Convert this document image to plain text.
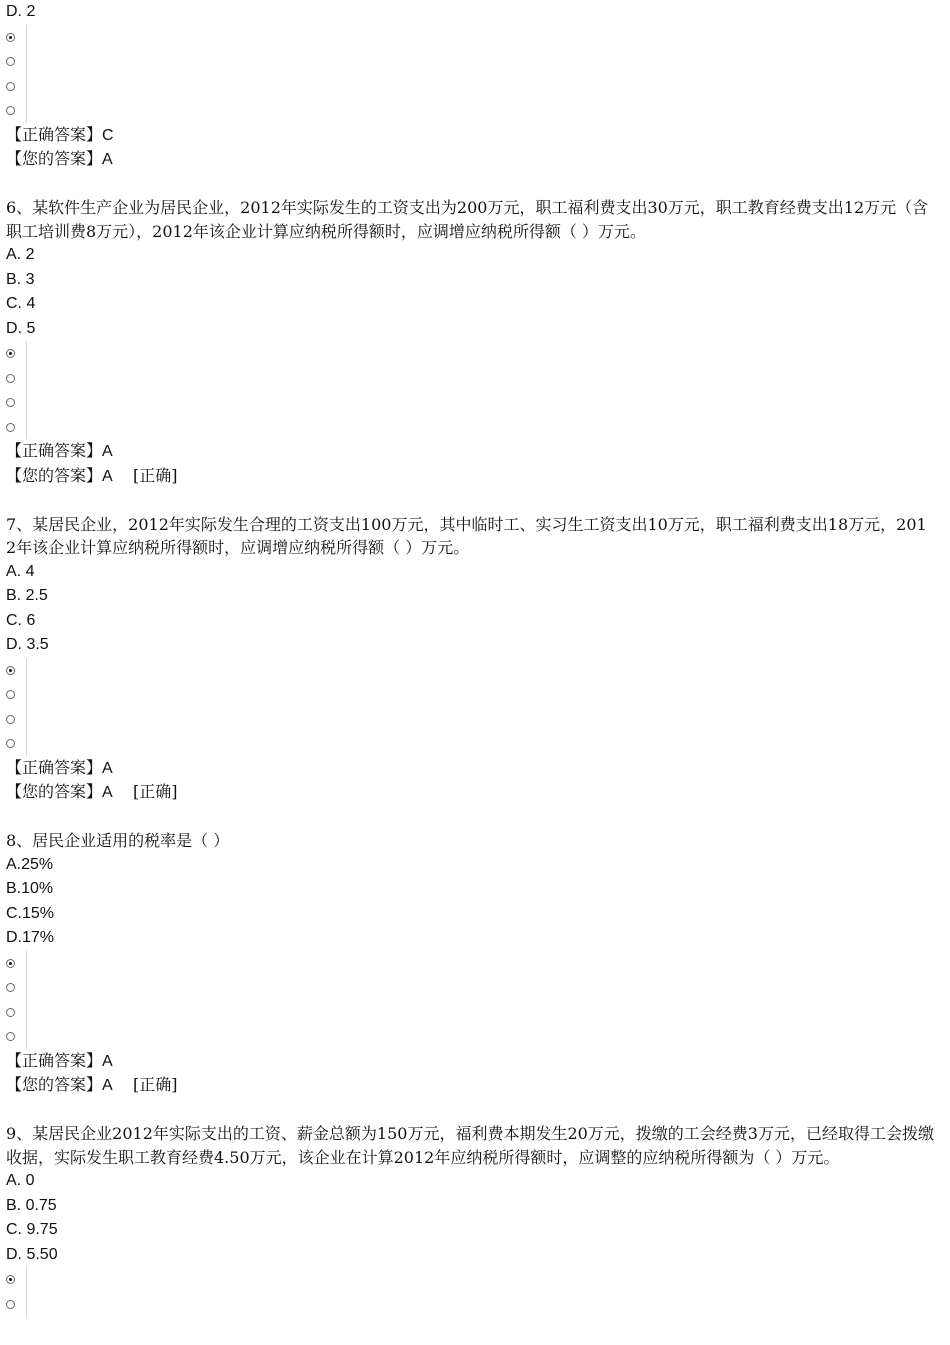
D. 2
【正确答案】C
【您的答案】A
6、某软件生产企业为居民企业，2012年实际发生的工资支出为200万元，职工福利费支出30万元，职工教育经费支出12万元（含职工培训费8万元），2012年该企业计算应纳税所得额时，应调增应纳税所得额（ ）万元。
A. 2
B. 3
C. 4
D. 5
【正确答案】A
【您的答案】A [正确]
7、某居民企业，2012年实际发生合理的工资支出100万元，其中临时工、实习生工资支出10万元，职工福利费支出18万元，2012年该企业计算应纳税所得额时，应调增应纳税所得额（ ）万元。
A. 4
B. 2.5
C. 6
D. 3.5
【正确答案】A
【您的答案】A [正确]
8、居民企业适用的税率是（ ）
A.25%
B.10%
C.15%
D.17%
【正确答案】A
【您的答案】A [正确]
9、某居民企业2012年实际支出的工资、薪金总额为150万元，福利费本期发生20万元，拨缴的工会经费3万元，已经取得工会拨缴收据，实际发生职工教育经费4.50万元，该企业在计算2012年应纳税所得额时，应调整的应纳税所得额为（ ）万元。
A. 0
B. 0.75
C. 9.75
D. 5.50
